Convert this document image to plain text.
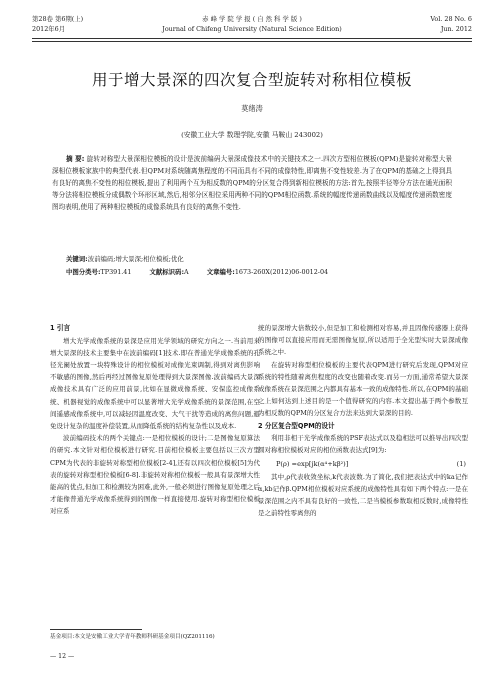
第28卷 第6期(上)
2012年6月
赤 峰 学 院 学 报 ( 自 然 科 学 版 )
Journal of Chifeng University (Natural Science Edition)
Vol. 28 No. 6
Jun. 2012
用于增大景深的四次复合型旋转对称相位模板
莫绪涛
(安徽工业大学 数理学院,安徽 马鞍山 243002)
摘 要: 旋转对称型大景深相位模板的设计是波前编码大景深成像技术中的关键技术之一.四次方型相位模板(QPM)是旋转对称型大景深相位模板家族中的典型代表.但QPM对系统随离焦程度的不同而具有不同的成像特性,即离焦不变性较差.为了在QPM的基础之上得到具有良好的离焦不变性的相位模板,提出了利用两个互为相反数的QPM的分区复合得到新相位模板的方法:首先,按照半径等分方法在通光面积等分法将相位模板分成偶数个环形区域,然后,相邻分区相位采用两种不同的QPM相位函数.系统的幅度传递函数曲线以及幅度传递函数密度图均表明,使用了两种相位模板的成像系统具有良好的离焦不变性.
关键词:波前编码;增大景深;相位模板;优化
中图分类号:TP391.41	文献标识码:A	文章编号:1673-260X(2012)06-0012-04
1 引言

增大光学成像系统的景深是应用光学领域的研究方向之一.当前用来增大景深的技术主要集中在波前编码[1]技术.即在普通光学成像系统的孔径光阑处放置一块特殊设计的相位模板对成像光束调制,得到对离焦影响不敏感的图像,然后再经过图像复原处理得到大景深图像.波前编码大景深成像技术具有广泛的应用前景,比如在显微成像系统、安保监控成像系统、机器视觉的成像系统中可以显著增大光学成像系统的景深范围,在空间遥感成像系统中,可以减轻因温度改变、大气干扰等造成的离焦问题,避免设计复杂的温度补偿装置,从而降低系统的结构复杂性以及成本.

波前编码技术的两个关键点:一是相位模板的设计;二是图像复原算法的研究.本文针对相位模板进行研究.目前相位模板主要包括以三次方型CPM为代表的非旋转对称型相位模板[2-4],还有以四次相位模板[5]为代表的旋转对称型相位模板[6-8].非旋转对称相位模板一般具有景深增大性能高的优点,但加工和检测较为困难,此外,一般必须进行图像复原处理之后才能像普通光学成像系统得到的图像一样直接使用.旋转对称型相位模板对应系

统的景深增大倍数较小,但是加工和检测相对容易,并且因像传感器上获得的图像可以直接应用而无需图像复原,所以适用于全光型实时大景深成像系统之中.

在旋转对称型相位模板的主要代表QPM进行研究后发现,QPM对应系统的特性随着离焦程度的改变也随着改变.而另一方面,通常希望大景深成像系统在景深范围之内都具有基本一致的成像特性.所以,在QPM的基础之上如何达到上述目的是一个值得研究的内容.本文提出基于两个参数互为相反数的QPM的分区复合方法来达到大景深的目的.

2 分区复合型QPM的设计

利用非相干光学成像系统的PSF表达式以及稳相法可以推导出四次型圆对称相位模板对应的相位函数表达式[9]为:

P(ρ) =exp[jk(α⁴+kβ²)]	(1)

其中,ρ代表收敛坐标,k代表波数.为了简化,我们把表达式中的ka记作α,kb记作β.QPM相位模板对应系统的成像特性具有如下两个特点:一是在景深范围之内不具有良好的一致性,二是当模板参数取相反数时,成像特性是之前特性零离焦的

基金项目:本文是安徽工业大学青年教师科研基金项目(QZ201116)
— 12 —
